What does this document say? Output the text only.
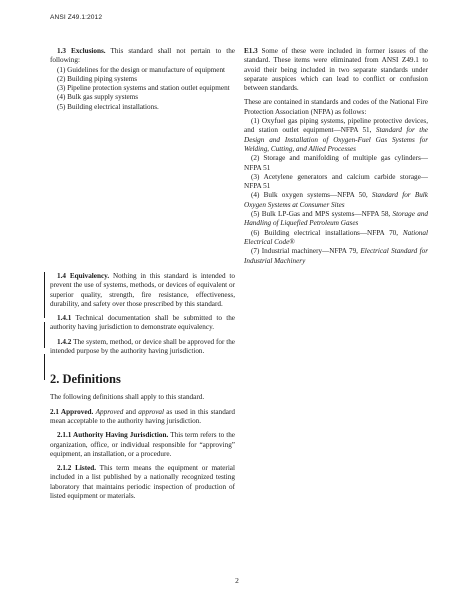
ANSI Z49.1:2012

1.3 Exclusions. This standard shall not pertain to the following:

(1) Guidelines for the design or manufacture of equipment

(2) Building piping systems

(3) Pipeline protection systems and station outlet equipment

(4) Bulk gas supply systems

(5) Building electrical installations.

1.4 Equivalency. Nothing in this standard is intended to prevent the use of systems, methods, or devices of equivalent or superior quality, strength, fire resistance, effectiveness, durability, and safety over those prescribed by this standard.

1.4.1 Technical documentation shall be submitted to the authority having jurisdiction to demonstrate equivalency.

1.4.2 The system, method, or device shall be approved for the intended purpose by the authority having jurisdiction.

2. Definitions

The following definitions shall apply to this standard.

2.1 Approved. Approved and approval as used in this standard mean acceptable to the authority having jurisdiction.

2.1.1 Authority Having Jurisdiction. This term refers to the organization, office, or individual responsible for “approving” equipment, an installation, or a procedure.

2.1.2 Listed. This term means the equipment or material included in a list published by a nationally recognized testing laboratory that maintains periodic inspection of production of listed equipment or materials.

E1.3 Some of these were included in former issues of the standard. These items were eliminated from ANSI Z49.1 to avoid their being included in two separate standards under separate auspices which can lead to conflict or confusion between standards.

These are contained in standards and codes of the National Fire Protection Association (NFPA) as follows:

(1) Oxyfuel gas piping systems, pipeline protective devices, and station outlet equipment—NFPA 51, Standard for the Design and Installation of Oxygen-Fuel Gas Systems for Welding, Cutting, and Allied Processes

(2) Storage and manifolding of multiple gas cylinders—NFPA 51

(3) Acetylene generators and calcium carbide storage—NFPA 51

(4) Bulk oxygen systems—NFPA 50, Standard for Bulk Oxygen Systems at Consumer Sites

(5) Bulk LP-Gas and MPS systems—NFPA 58, Storage and Handling of Liquefied Petroleum Gases

(6) Building electrical installations—NFPA 70, National Electrical Code®

(7) Industrial machinery—NFPA 79, Electrical Standard for Industrial Machinery

2
